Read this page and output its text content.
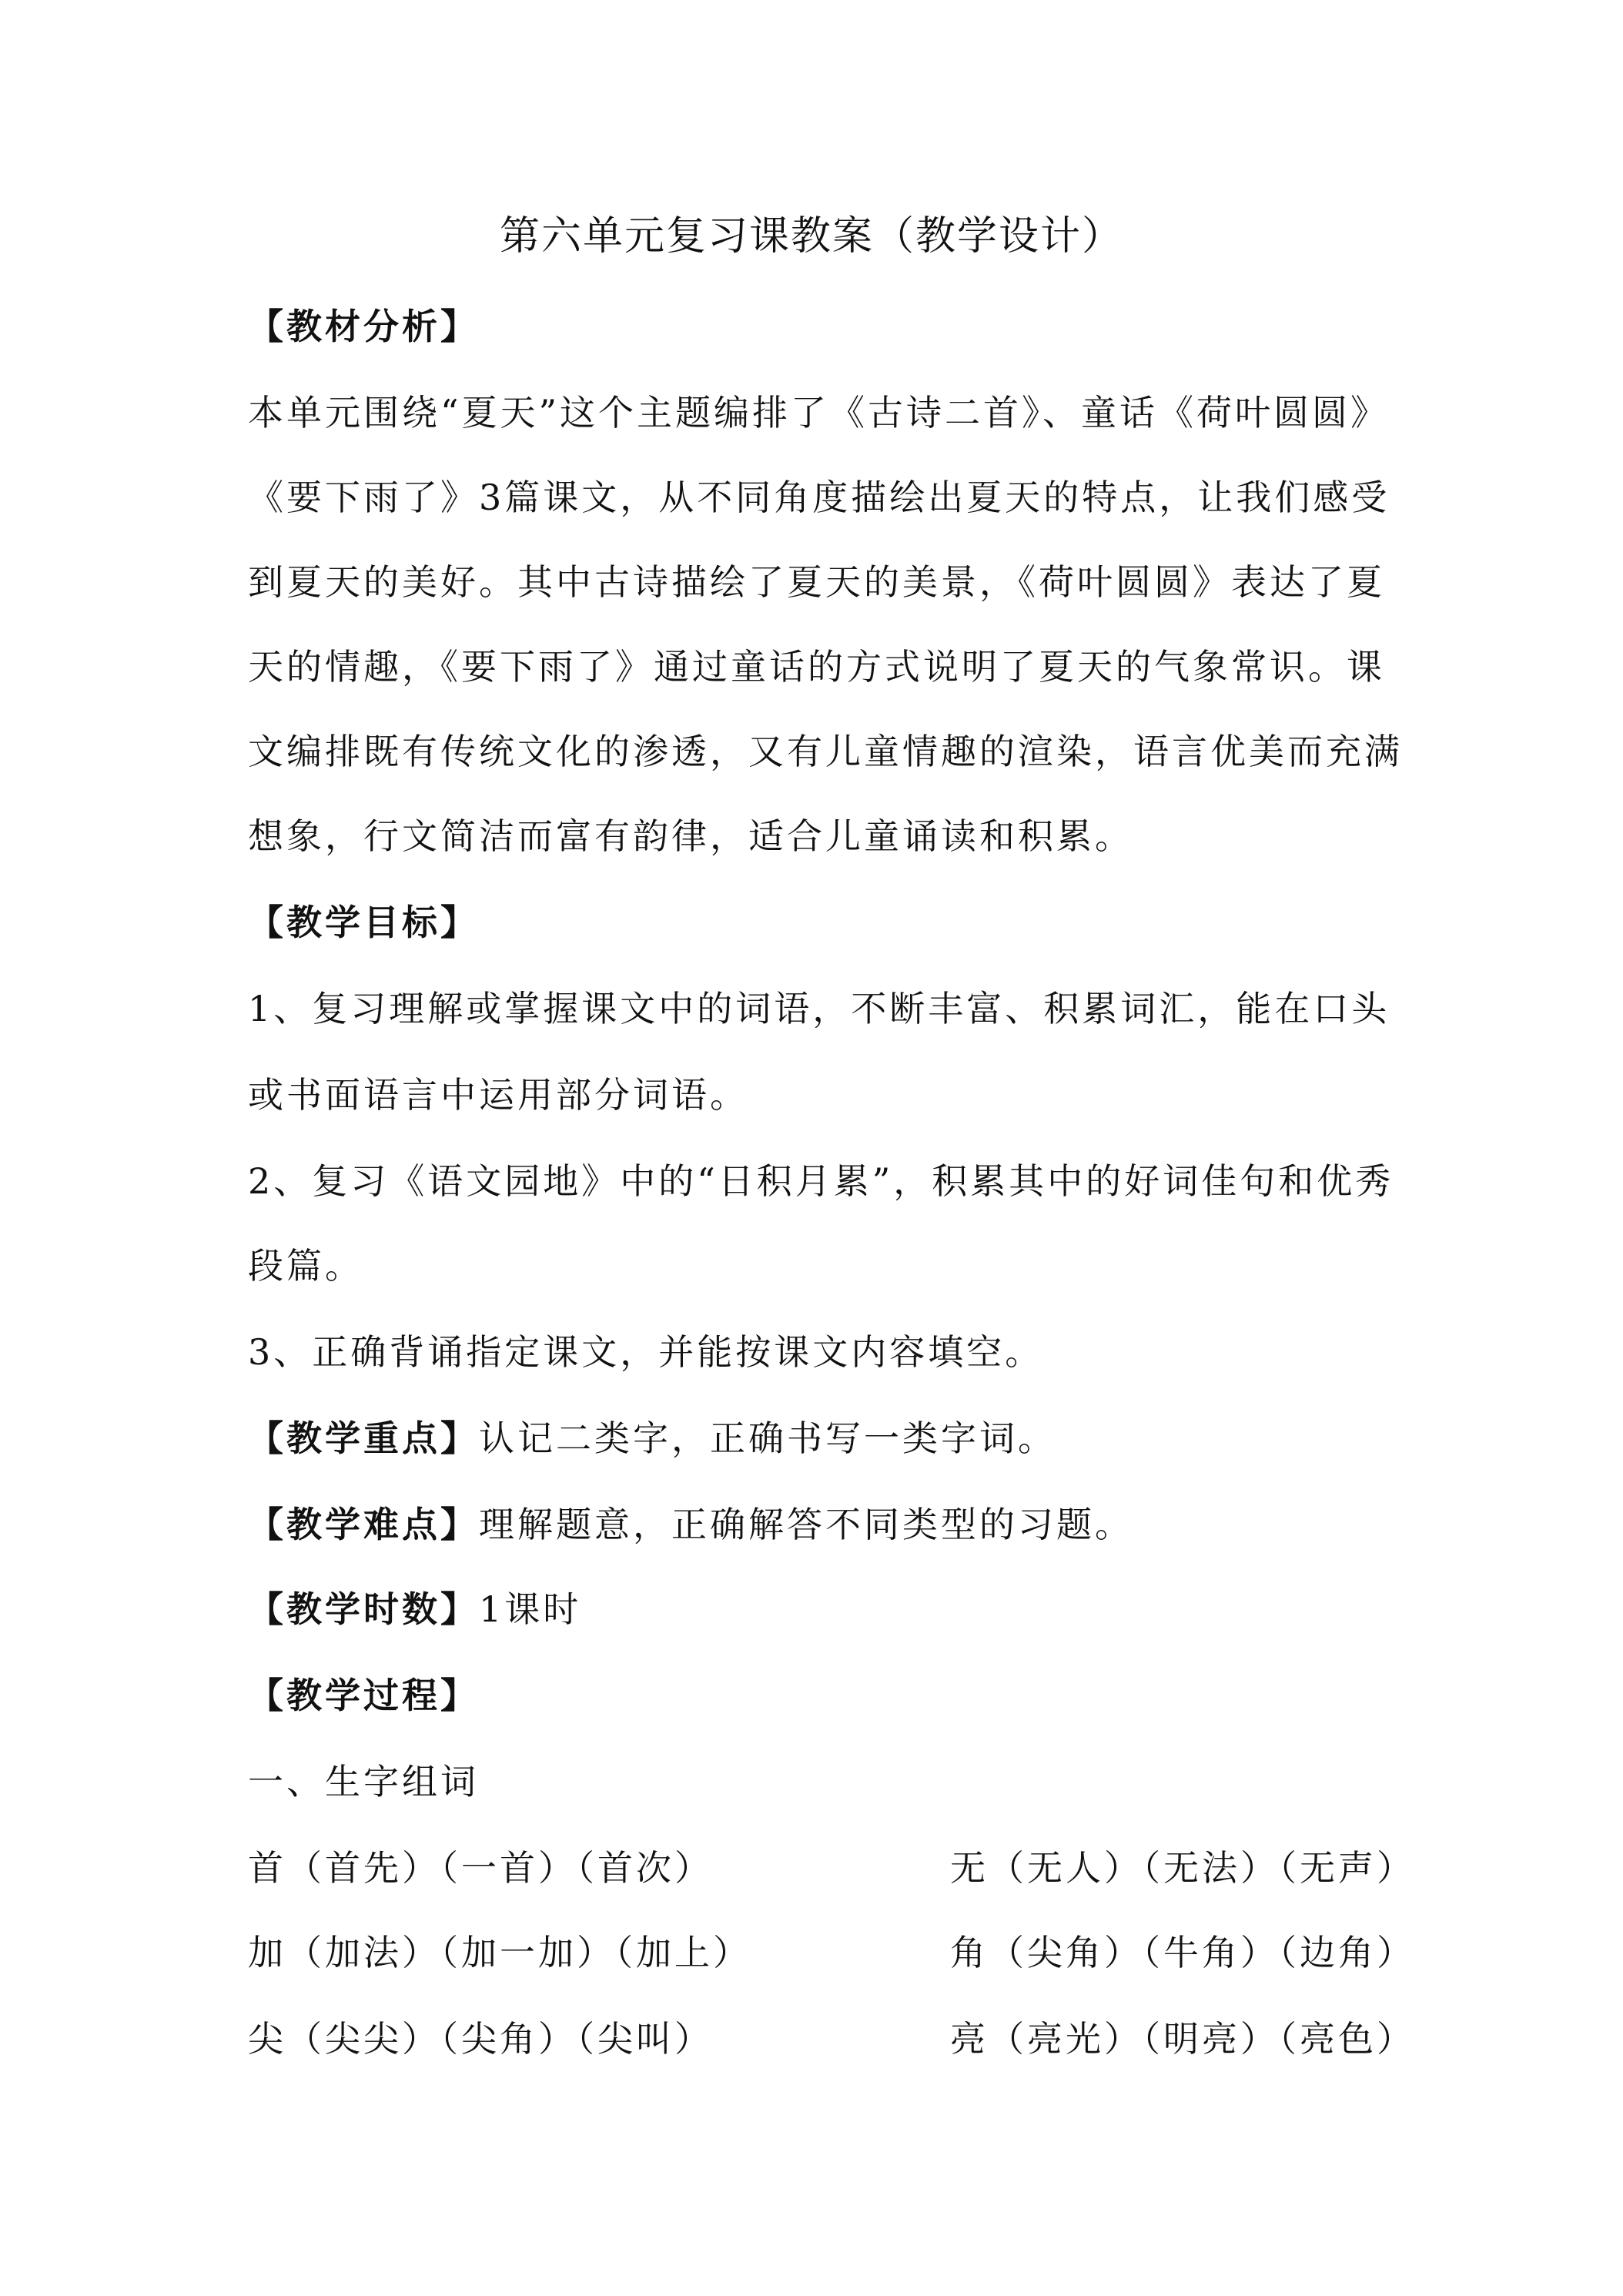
第六单元复习课教案（教学设计）
【教材分析】
本单元围绕“夏天”这个主题编排了《古诗二首》、童话《荷叶圆圆》
《要下雨了》3篇课文，从不同角度描绘出夏天的特点，让我们感受
到夏天的美好。其中古诗描绘了夏天的美景，《荷叶圆圆》表达了夏
天的情趣，《要下雨了》通过童话的方式说明了夏天的气象常识。课
文编排既有传统文化的渗透，又有儿童情趣的渲染，语言优美而充满
想象，行文简洁而富有韵律，适合儿童诵读和积累。
【教学目标】
1、复习理解或掌握课文中的词语，不断丰富、积累词汇，能在口头
或书面语言中运用部分词语。
2、复习《语文园地》中的“日积月累”，积累其中的好词佳句和优秀
段篇。
3、正确背诵指定课文，并能按课文内容填空。
【教学重点】认记二类字，正确书写一类字词。
【教学难点】理解题意，正确解答不同类型的习题。
【教学时数】1课时
【教学过程】
一、生字组词
首（首先）（一首）（首次）	无（无人）（无法）（无声）
加（加法）（加一加）（加上）	角（尖角）（牛角）（边角）
尖（尖尖）（尖角）（尖叫）	亮（亮光）（明亮）（亮色）
